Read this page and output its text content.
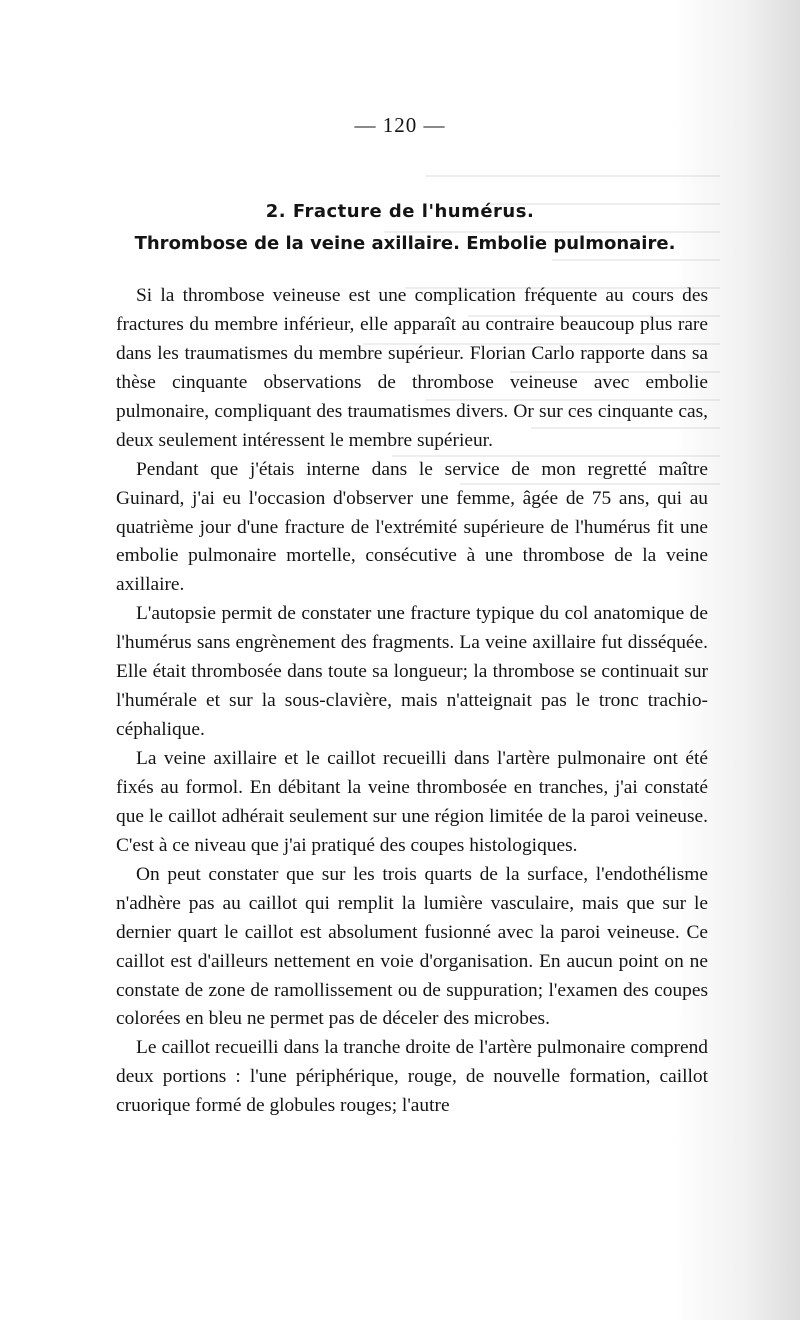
— 120 —
2. Fracture de l'humérus.
Thrombose de la veine axillaire. Embolie pulmonaire.

Si la thrombose veineuse est une complication fréquente au cours des fractures du membre inférieur, elle apparaît au contraire beaucoup plus rare dans les traumatismes du membre supérieur. Florian Carlo rapporte dans sa thèse cinquante observations de thrombose veineuse avec embolie pulmonaire, compliquant des traumatismes divers. Or sur ces cinquante cas, deux seulement intéressent le membre supérieur.

Pendant que j'étais interne dans le service de mon regretté maître Guinard, j'ai eu l'occasion d'observer une femme, âgée de 75 ans, qui au quatrième jour d'une fracture de l'extrémité supérieure de l'humérus fit une embolie pulmonaire mortelle, consécutive à une thrombose de la veine axillaire.

L'autopsie permit de constater une fracture typique du col anatomique de l'humérus sans engrènement des fragments. La veine axillaire fut disséquée. Elle était thrombosée dans toute sa longueur; la thrombose se continuait sur l'humérale et sur la sous-clavière, mais n'atteignait pas le tronc trachio-céphalique.

La veine axillaire et le caillot recueilli dans l'artère pulmonaire ont été fixés au formol. En débitant la veine thrombosée en tranches, j'ai constaté que le caillot adhérait seulement sur une région limitée de la paroi veineuse. C'est à ce niveau que j'ai pratiqué des coupes histologiques.

On peut constater que sur les trois quarts de la surface, l'endothélisme n'adhère pas au caillot qui remplit la lumière vasculaire, mais que sur le dernier quart le caillot est absolument fusionné avec la paroi veineuse. Ce caillot est d'ailleurs nettement en voie d'organisation. En aucun point on ne constate de zone de ramollissement ou de suppuration; l'examen des coupes colorées en bleu ne permet pas de déceler des microbes.

Le caillot recueilli dans la tranche droite de l'artère pulmonaire comprend deux portions : l'une périphérique, rouge, de nouvelle formation, caillot cruorique formé de globules rouges; l'autre
